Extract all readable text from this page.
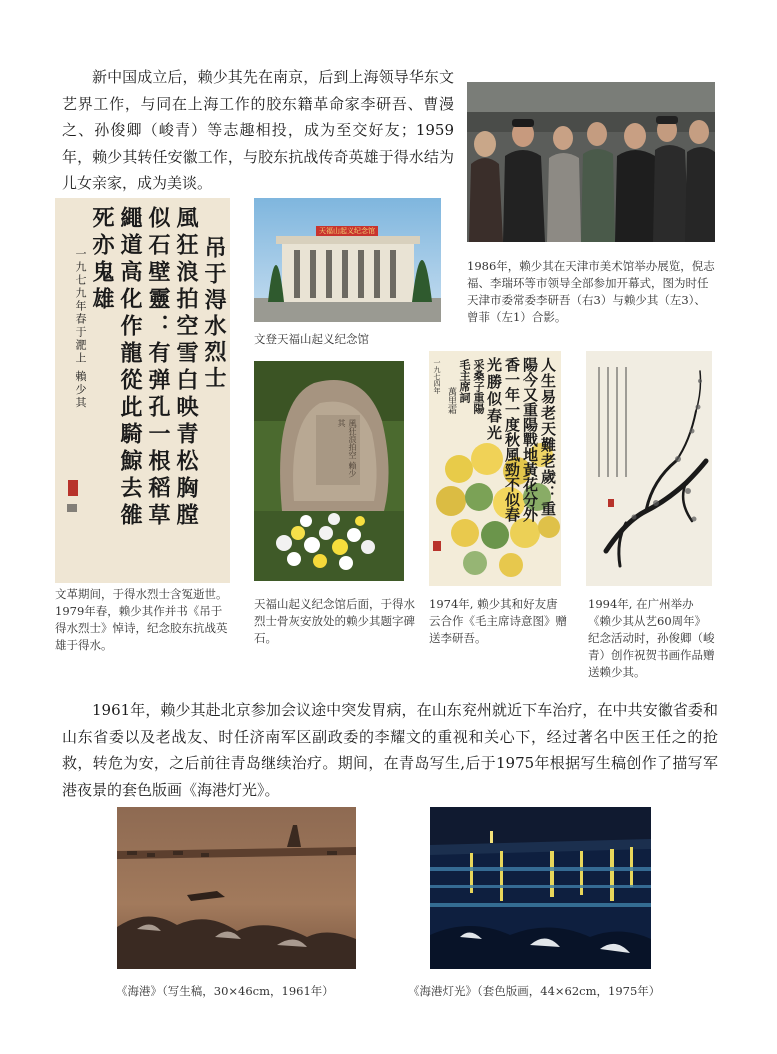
新中国成立后，赖少其先在南京，后到上海领导华东文艺界工作，与同在上海工作的胶东籍革命家李研吾、曹漫之、孙俊卿（峻青）等志趣相投，成为至交好友；1959年，赖少其转任安徽工作，与胶东抗战传奇英雄于得水结为儿女亲家，成为美谈。

1986年，赖少其在天津市美术馆举办展览，倪志福、李瑞环等市领导全部参加开幕式，图为时任天津市委常委李研吾（右3）与赖少其（左3）、曾菲（左1）合影。

吊于淂水烈士
風狂浪拍空雪白映青松胸膛
似石壁靈：有弹孔一根稻草
繩道高化作龍從此騎鯨去雒
死亦鬼雄
一九七九年春于淝上 賴少其

文革期间，于得水烈士含冤逝世。1979年春，赖少其作并书《吊于得水烈士》悼诗，纪念胶东抗战英雄于得水。

天福山起义纪念馆

文登天福山起义纪念馆

風狂浪拍空 賴少其

天福山起义纪念馆后面，于得水烈士骨灰安放处的赖少其题字碑石。

人生易老天難老歲：重
陽今又重陽戰地黃花分外
香一年一度秋風勁不似春
光勝似春光
采桑子重陽
毛主席詞
萬里霜
一九七四年

1974年, 赖少其和好友唐云合作《毛主席诗意图》赠送李研吾。

1994年, 在广州举办《赖少其从艺60周年》纪念活动时，孙俊卿（峻青）创作祝贺书画作品赠送赖少其。

1961年，赖少其赴北京参加会议途中突发胃病，在山东兖州就近下车治疗，在中共安徽省委和山东省委以及老战友、时任济南军区副政委的李耀文的重视和关心下，经过著名中医王任之的抢救，转危为安，之后前往青岛继续治疗。期间，在青岛写生,后于1975年根据写生稿创作了描写军港夜景的套色版画《海港灯光》。

《海港》（写生稿，30×46cm，1961年）	《海港灯光》（套色版画，44×62cm，1975年）
